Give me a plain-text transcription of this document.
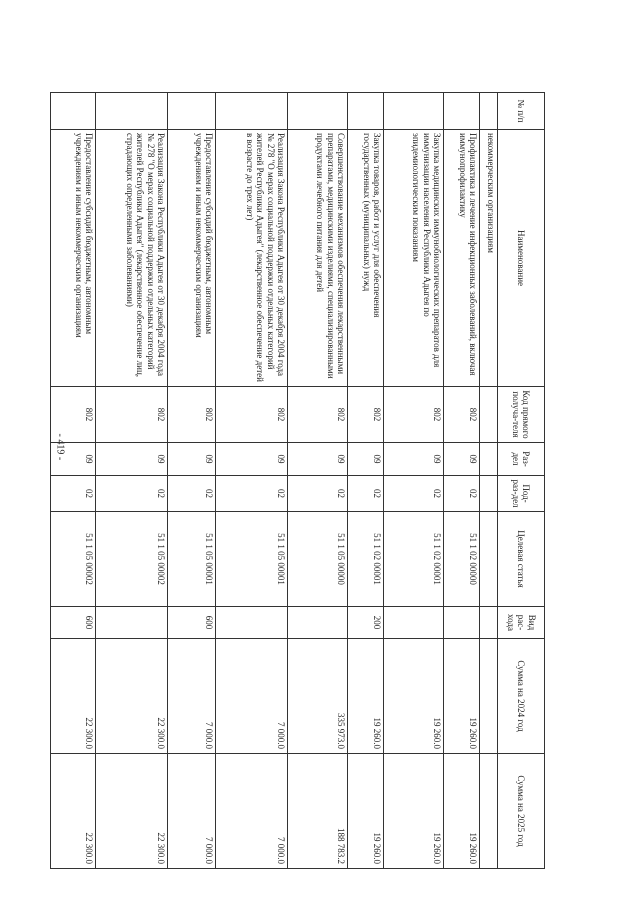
- 419 -
№ п/п	Наименование	Код прямого получа-теля	Раз-дел	Под-раз-дел	Целевая статья	Вид рас-хода	Сумма на 2024 год	Сумма на 2025 год
	некоммерческим организациям							
	Профилактика и лечение инфекционных заболеваний, включая иммунопрофилактику	802	09	02	51 1 02 00000		19 260.0	19 260.0
	Закупка медицинских иммунобиологических препаратов для иммунизации населения Республики Адыгея по эпидемиологическим показаниям	802	09	02	51 1 02 00001		19 260.0	19 260.0
	Закупка товаров, работ и услуг для обеспечения государственных (муниципальных) нужд	802	09	02	51 1 02 00001	200	19 260.0	19 260.0
	Совершенствование механизмов обеспечения лекарственными препаратами, медицинскими изделиями, специализированными продуктами лечебного питания для детей	802	09	02	51 1 05 00000		335 973.0	188 783.2
	Реализация Закона Республики Адыгея от 30 декабря 2004 года № 278 "О мерах социальной поддержки отдельных категорий жителей Республики Адыгея" (лекарственное обеспечение детей в возрасте до трех лет)	802	09	02	51 1 05 00001		7 000.0	7 000.0
	Предоставление субсидий бюджетным, автономным учреждениям и иным некоммерческим организациям	802	09	02	51 1 05 00001	600	7 000.0	7 000.0
	Реализация Закона Республики Адыгея от 30 декабря 2004 года № 278 "О мерах социальной поддержки отдельных категорий жителей Республики Адыгея" (лекарственное обеспечение лиц, страдающих определенными заболеваниями)	802	09	02	51 1 05 00002		22 300.0	22 300.0
	Предоставление субсидий бюджетным, автономным учреждениям и иным некоммерческим организациям	802	09	02	51 1 05 00002	600	22 300.0	22 300.0
